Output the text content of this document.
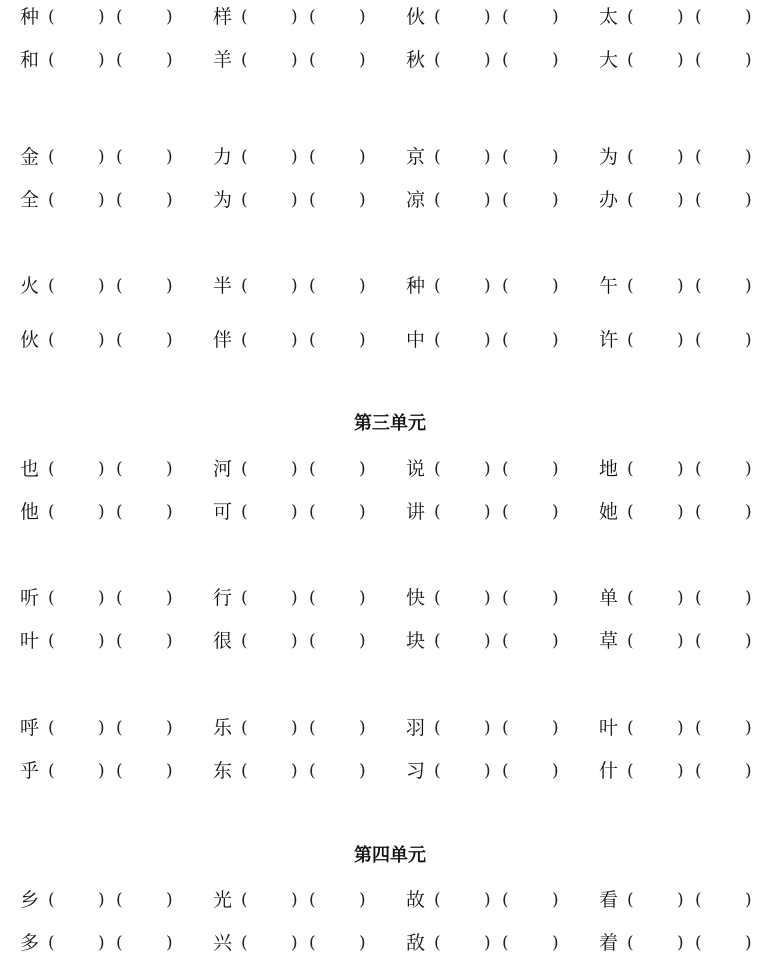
种 (	) (	) 样 (	) (	) 伙 (	) (	) 太 (	) (	)
和 (	) (	) 羊 (	) (	) 秋 (	) (	) 大 (	) (	)
金 (	) (	) 力 (	) (	) 京 (	) (	) 为 (	) (	)
全 (	) (	) 为 (	) (	) 凉 (	) (	) 办 (	) (	)
火 (	) (	) 半 (	) (	) 种 (	) (	) 午 (	) (	)
伙 (	) (	) 伴 (	) (	) 中 (	) (	) 许 (	) (	)
第三单元
也 (	) (	) 河 (	) (	) 说 (	) (	) 地 (	) (	)
他 (	) (	) 可 (	) (	) 讲 (	) (	) 她 (	) (	)
听 (	) (	) 行 (	) (	) 快 (	) (	) 单 (	) (	)
叶 (	) (	) 很 (	) (	) 块 (	) (	) 草 (	) (	)
呼 (	) (	) 乐 (	) (	) 羽 (	) (	) 叶 (	) (	)
乎 (	) (	) 东 (	) (	) 习 (	) (	) 什 (	) (	)
第四单元
乡 (	) (	) 光 (	) (	) 故 (	) (	) 看 (	) (	)
多 (	) (	) 兴 (	) (	) 敌 (	) (	) 着 (	) (	)
